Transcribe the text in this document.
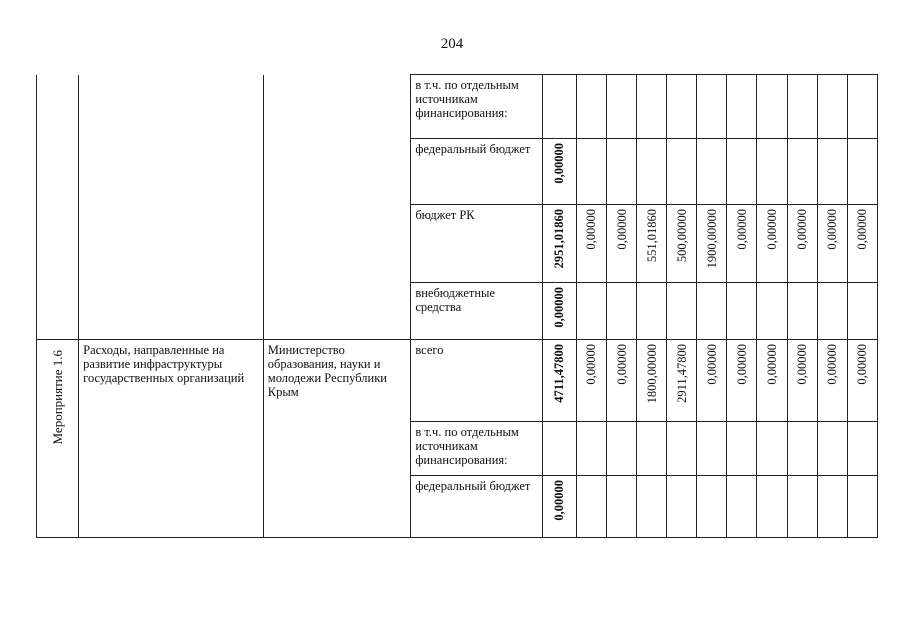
204

			в т.ч. по отдельным источникам финансирования:											

			федеральный бюджет	0,00000										

			бюджет РК	2951,01860	0,00000	0,00000	551,01860	500,00000	1900,00000	0,00000	0,00000	0,00000	0,00000	0,00000

			внебюджетные средства	0,00000										
Мероприятие 1.6	Расходы, направленные на развитие инфраструктуры государственных организаций	Министерство образования, науки и молодежи Республики Крым	всего	4711,47800	0,00000	0,00000	1800,00000	2911,47800	0,00000	0,00000	0,00000	0,00000	0,00000	0,00000

			в т.ч. по отдельным источникам финансирования:											

			федеральный бюджет	0,00000										
